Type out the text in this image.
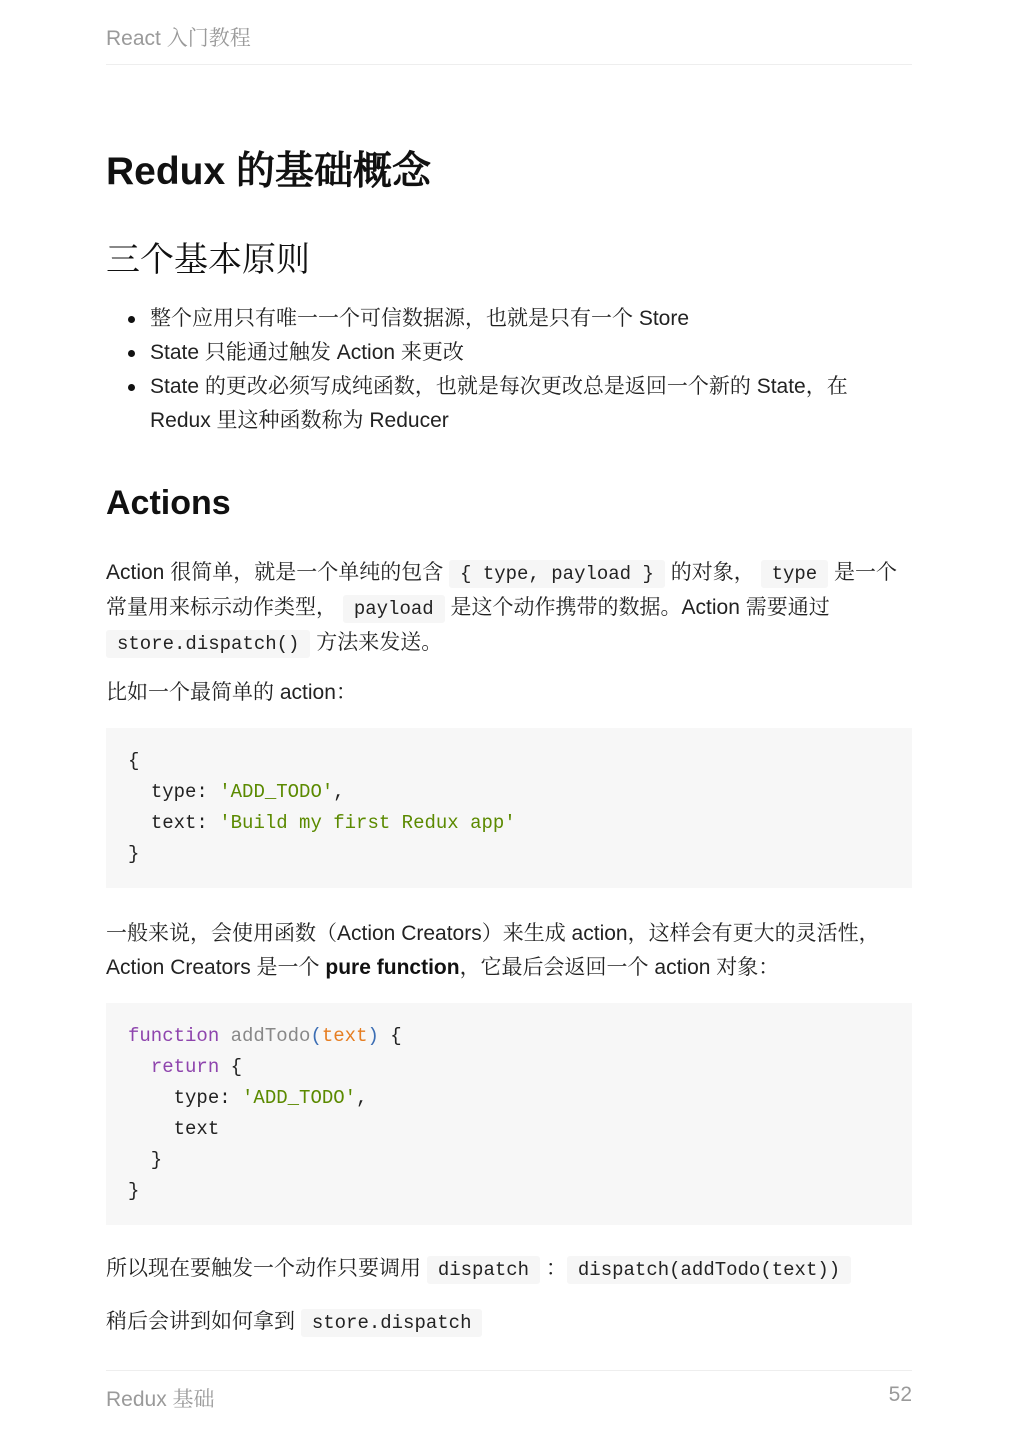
React 入门教程
Redux 的基础概念
三个基本原则
整个应用只有唯一一个可信数据源，也就是只有一个 Store
State 只能通过触发 Action 来更改
State 的更改必须写成纯函数，也就是每次更改总是返回一个新的 State，在 Redux 里这种函数称为 Reducer
Actions

Action 很简单，就是一个单纯的包含 { type, payload } 的对象， type 是一个常量用来标示动作类型， payload 是这个动作携带的数据。Action 需要通过 store.dispatch() 方法来发送。

比如一个最简单的 action：

{
type: 'ADD_TODO',
text: 'Build my first Redux app'
}

一般来说，会使用函数（Action Creators）来生成 action，这样会有更大的灵活性，Action Creators 是一个 pure function，它最后会返回一个 action 对象：

function addTodo(text) {
return {
type: 'ADD_TODO',
text
}
}

所以现在要触发一个动作只要调用 dispatch ： dispatch(addTodo(text))

稍后会讲到如何拿到 store.dispatch

Redux 基础	52
